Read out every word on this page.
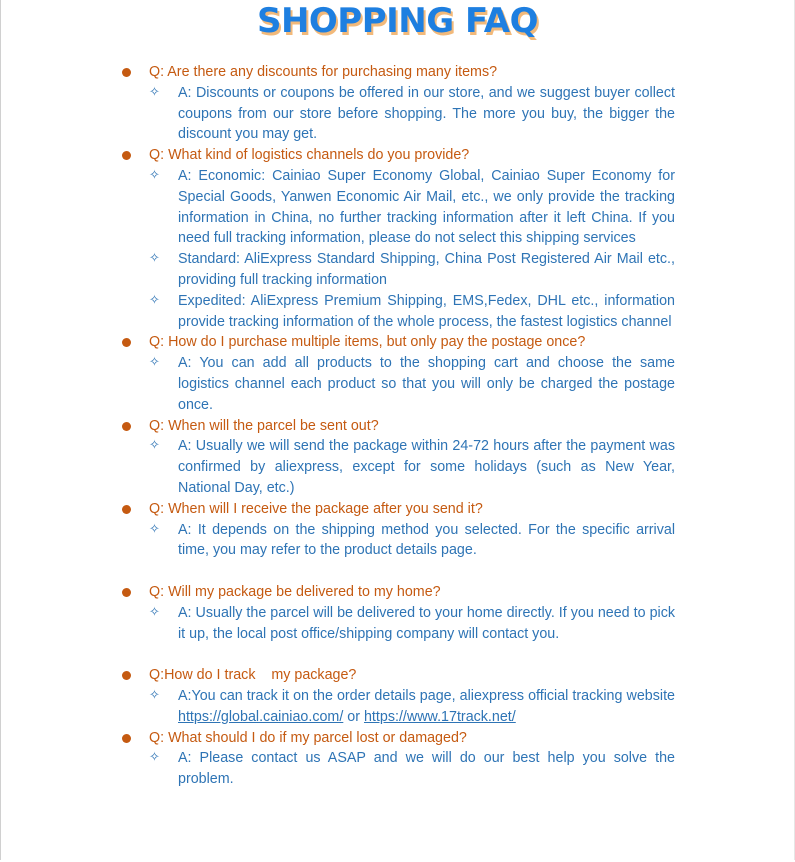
SHOPPING FAQ
Q: Are there any discounts for purchasing many items?
✧ A: Discounts or coupons be offered in our store, and we suggest buyer collect coupons from our store before shopping. The more you buy, the bigger the discount you may get.
Q: What kind of logistics channels do you provide?
✧ A: Economic: Cainiao Super Economy Global, Cainiao Super Economy for Special Goods, Yanwen Economic Air Mail, etc., we only provide the tracking information in China, no further tracking information after it left China. If you need full tracking information, please do not select this shipping services
✧ Standard: AliExpress Standard Shipping, China Post Registered Air Mail etc., providing full tracking information
✧ Expedited: AliExpress Premium Shipping, EMS,Fedex, DHL etc., information provide tracking information of the whole process, the fastest logistics channel
Q: How do I purchase multiple items, but only pay the postage once?
✧ A: You can add all products to the shopping cart and choose the same logistics channel each product so that you will only be charged the postage once.
Q: When will the parcel be sent out?
✧ A: Usually we will send the package within 24-72 hours after the payment was confirmed by aliexpress, except for some holidays (such as New Year, National Day, etc.)
Q: When will I receive the package after you send it?
✧ A: It depends on the shipping method you selected. For the specific arrival time, you may refer to the product details page.
Q: Will my package be delivered to my home?
✧ A: Usually the parcel will be delivered to your home directly. If you need to pick it up, the local post office/shipping company will contact you.
Q:How do I track    my package?
✧ A:You can track it on the order details page, aliexpress official tracking website https://global.cainiao.com/ or https://www.17track.net/
Q: What should I do if my parcel lost or damaged?
✧ A: Please contact us ASAP and we will do our best help you solve the problem.
